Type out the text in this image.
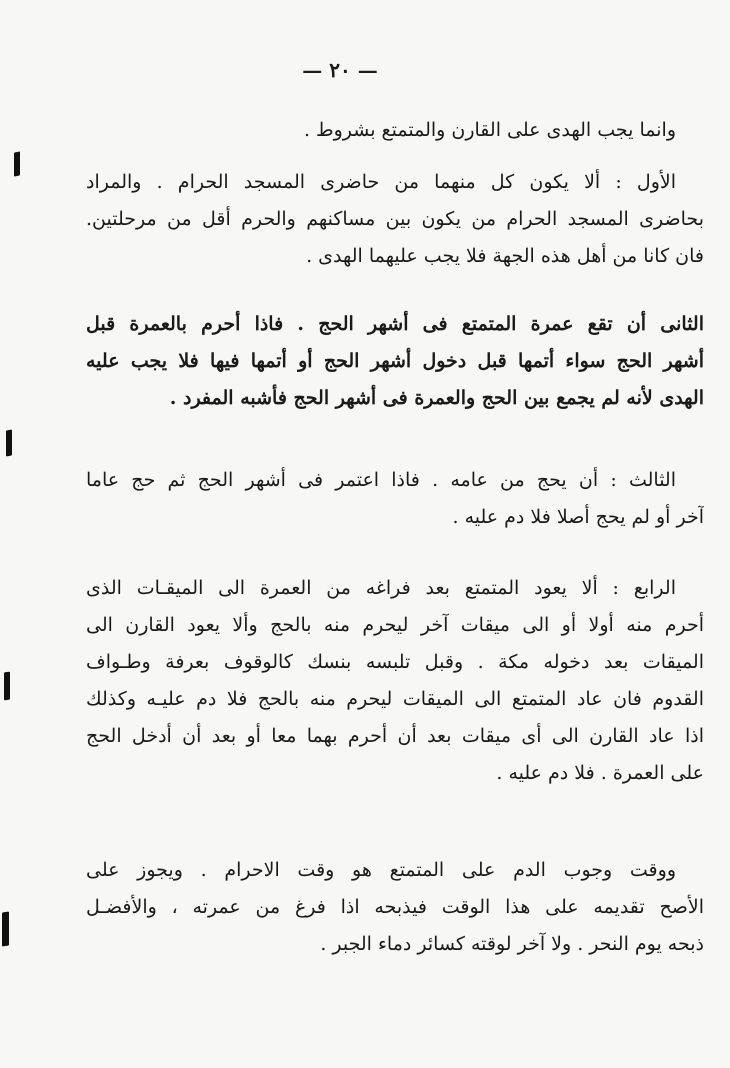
— ٢٠ —
وانما يجب الهدى على القارن والمتمتع بشروط .
الأول : ألا يكون كل منهما من حاضرى المسجد الحرام . والمراد
بحاضرى المسجد الحرام من يكون بين مساكنهم والحرم أقل من مرحلتين.
فان كانا من أهل هذه الجهة فلا يجب عليهما الهدى .
الثانى أن تقع عمرة المتمتع فى أشهر الحج . فاذا أحرم بالعمرة قبل
أشهر الحج سواء أتمها قبل دخول أشهر الحج أو أتمها فيها فلا يجب عليه
الهدى لأنه لم يجمع بين الحج والعمرة فى أشهر الحج فأشبه المفرد .
الثالث : أن يحج من عامه . فاذا اعتمر فى أشهر الحج ثم حج عاما
آخر أو لم يحج أصلا فلا دم عليه .
الرابع : ألا يعود المتمتع بعد فراغه من العمرة الى الميقـات الذى
أحرم منه أولا أو الى ميقات آخر ليحرم منه بالحج وألا يعود القارن الى
الميقات بعد دخوله مكة . وقبل تلبسه بنسك كالوقوف بعرفة وطـواف
القدوم فان عاد المتمتع الى الميقات ليحرم منه بالحج فلا دم عليـه وكذلك
اذا عاد القارن الى أى ميقات بعد أن أحرم بهما معا أو بعد أن أدخل الحج
على العمرة . فلا دم عليه .
ووقت وجوب الدم على المتمتع هو وقت الاحرام . ويجوز على
الأصح تقديمه على هذا الوقت فيذبحه اذا فرغ من عمرته ، والأفضـل
ذبحه يوم النحر . ولا آخر لوقته كسائر دماء الجبر .
